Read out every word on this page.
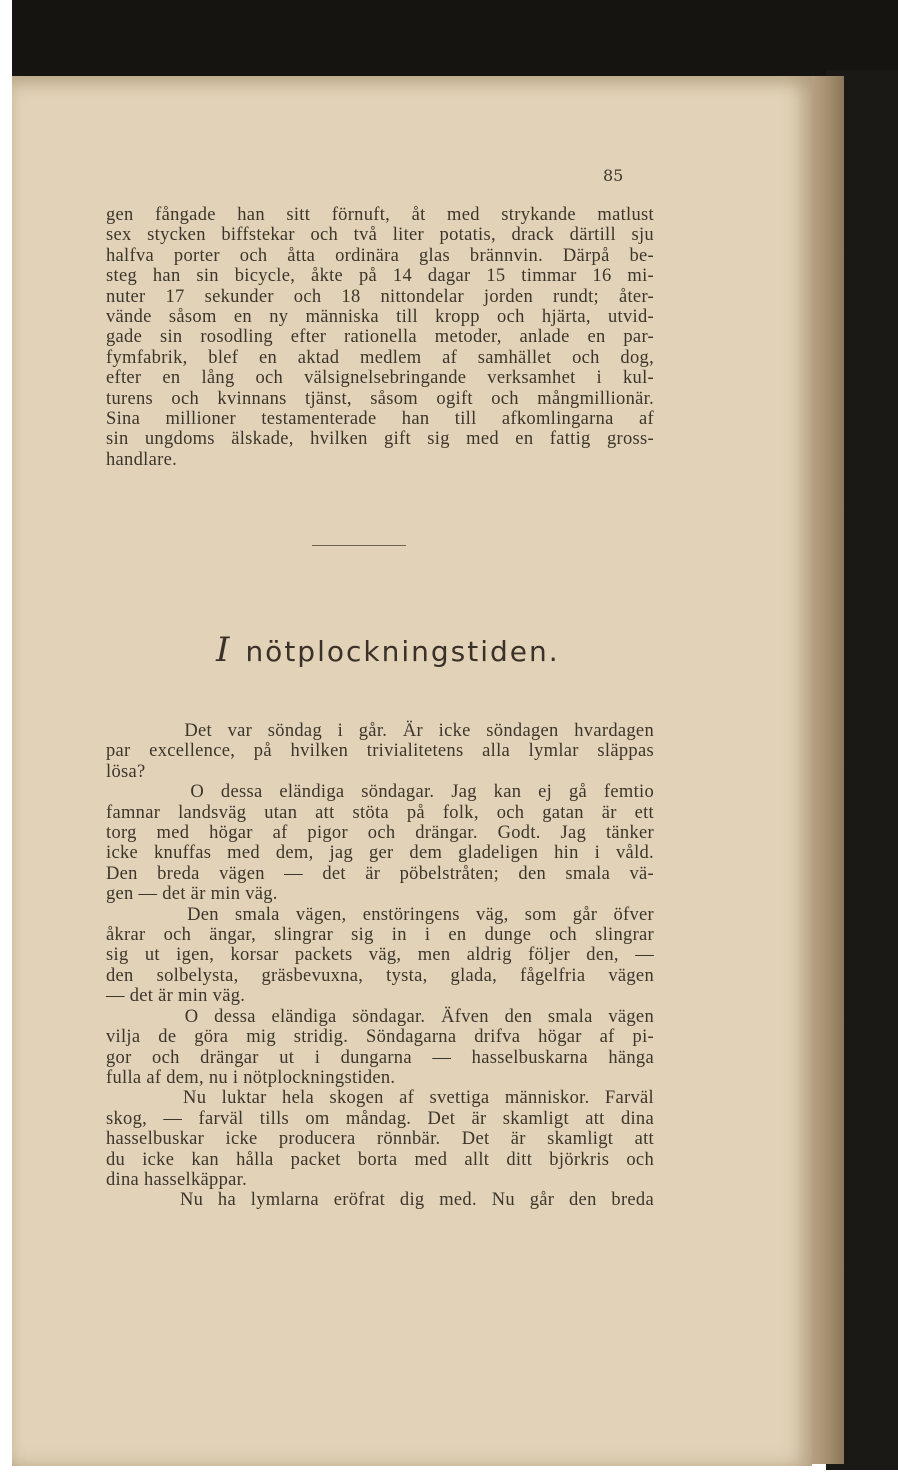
85
gen fångade han sitt förnuft, åt med strykande matlust
sex stycken biffstekar och två liter potatis, drack därtill sju
halfva porter och åtta ordinära glas brännvin. Därpå be-
steg han sin bicycle, åkte på 14 dagar 15 timmar 16 mi-
nuter 17 sekunder och 18 nittondelar jorden rundt; åter-
vände såsom en ny människa till kropp och hjärta, utvid-
gade sin rosodling efter rationella metoder, anlade en par-
fymfabrik, blef en aktad medlem af samhället och dog,
efter en lång och välsignelsebringande verksamhet i kul-
turens och kvinnans tjänst, såsom ogift och mångmillionär.
Sina millioner testamenterade han till afkomlingarna af
sin ungdoms älskade, hvilken gift sig med en fattig gross-
handlare.
I nötplockningstiden.
Det var söndag i går. Är icke söndagen hvardagen
par excellence, på hvilken trivialitetens alla lymlar släppas
lösa?
O dessa eländiga söndagar. Jag kan ej gå femtio
famnar landsväg utan att stöta på folk, och gatan är ett
torg med högar af pigor och drängar. Godt. Jag tänker
icke knuffas med dem, jag ger dem gladeligen hin i våld.
Den breda vägen — det är pöbelstråten; den smala vä-
gen — det är min väg.
Den smala vägen, enstöringens väg, som går öfver
åkrar och ängar, slingrar sig in i en dunge och slingrar
sig ut igen, korsar packets väg, men aldrig följer den, —
den solbelysta, gräsbevuxna, tysta, glada, fågelfria vägen
— det är min väg.
O dessa eländiga söndagar. Äfven den smala vägen
vilja de göra mig stridig. Söndagarna drifva högar af pi-
gor och drängar ut i dungarna — hasselbuskarna hänga
fulla af dem, nu i nötplockningstiden.
Nu luktar hela skogen af svettiga människor. Farväl
skog, — farväl tills om måndag. Det är skamligt att dina
hasselbuskar icke producera rönnbär. Det är skamligt att
du icke kan hålla packet borta med allt ditt björkris och
dina hasselkäppar.
Nu ha lymlarna eröfrat dig med. Nu går den breda
